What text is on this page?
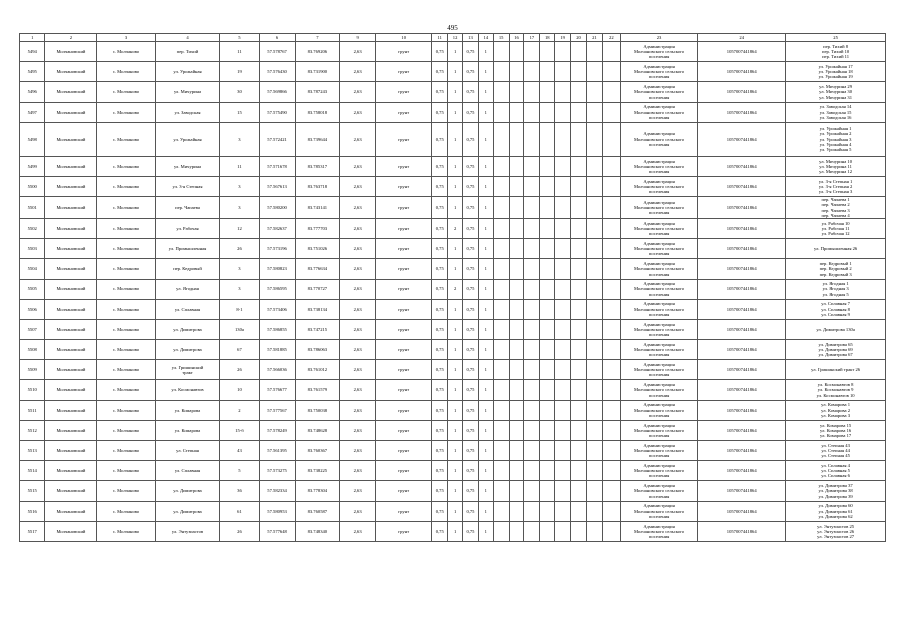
495
1	2	3	4	5	6	7	9	10	11	12	13	14	15	16	17	18	19	20	21	22	23	24	25
5494	Молчановский	с. Молчаново	пер. Тихий	11	57.578767	83.769206	2,63	грунт	0,75	1	0,75	1									Администрация
Молчановского сельского
поселения	1057007441864	пер. Тихий 8
пер. Тихий 10
пер. Тихий 11
5495	Молчановский	с. Молчаново	ул. Урожайная	19	57.576430	83.731900	2,63	грунт	0,75	1	0,75	1									Администрация
Молчановского сельского
поселения	1057007441864	ул. Урожайная 17
ул. Урожайная 18
ул. Урожайная 19
5496	Молчановский	с. Молчаново	ул. Мичурина	30	57.569866	83.787243	2,63	грунт	0,75	1	0,75	1									Администрация
Молчановского сельского
поселения	1057007441864	ул. Мичурина 29
ул. Мичурина 30
ул. Мичурина 31
5497	Молчановский	с. Молчаново	ул. Заводская	15	57.575490	83.758018	2,63	грунт	0,75	1	0,75	1									Администрация
Молчановского сельского
поселения	1057007441864	ул. Заводская 14
ул. Заводская 15
ул. Заводская 16
5498	Молчановский	с. Молчаново	ул. Урожайная	3	57.572421	83.739644	2,63	грунт	0,75	1	0,75	1									Администрация
Молчановского сельского
поселения	1057007441864	ул. Урожайная 1
ул. Урожайная 2
ул. Урожайная 3
ул. Урожайная 4
ул. Урожайная 5
5499	Молчановский	с. Молчаново	ул. Мичурина	11	57.571678	83.785317	2,63	грунт	0,75	1	0,75	1									Администрация
Молчановского сельского
поселения	1057007441864	ул. Мичурина 10
ул. Мичурина 11
ул. Мичурина 12
5500	Молчановский	с. Молчаново	ул. 3-я Степная	3	57.567613	83.763718	2,63	грунт	0,75	1	0,75	1									Администрация
Молчановского сельского
поселения	1057007441864	ул. 3-я Степная 1
ул. 3-я Степная 2
ул. 3-я Степная 3
5501	Молчановский	с. Молчаново	пер. Чапаева	3	57.580200	83.743141	2,63	грунт	0,75	1	0,75	1									Администрация
Молчановского сельского
поселения	1057007441864	пер. Чапаева 1
пер. Чапаева 2
пер. Чапаева 3
пер. Чапаева 4
5502	Молчановский	с. Молчаново	ул. Рабочая	12	57.582637	83.777703	2,63	грунт	0,75	2	0,75	1									Администрация
Молчановского сельского
поселения	1057007441864	ул. Рабочая 10
ул. Рабочая 11
ул. Рабочая 12
5503	Молчановский	с. Молчаново	ул. Промышленная	26	57.573196	83.751026	2,63	грунт	0,75	1	0,75	1									Администрация
Молчановского сельского
поселения	1057007441864	ул. Промышленная 26
5504	Молчановский	с. Молчаново	пер. Кедровый	3	57.580823	83.776634	2,63	грунт	0,75	1	0,75	1									Администрация
Молчановского сельского
поселения	1057007441864	пер. Кедровый 1
пер. Кедровый 2
пер. Кедровый 3
5505	Молчановский	с. Молчаново	ул. Ягодная	3	57.586595	83.770727	2,63	грунт	0,75	2	0,75	1									Администрация
Молчановского сельского
поселения	1057007441864	ул. Ягодная 1
ул. Ягодная 3
ул. Ягодная 5
5506	Молчановский	с. Молчаново	ул. Сплавная	8-1	57.573406	83.738134	2,63	грунт	0,75	1	0,75	1									Администрация
Молчановского сельского
поселения	1057007441864	ул. Сплавная 7
ул. Сплавная 8
ул. Сплавная 9
5507	Молчановский	с. Молчаново	ул. Димитрова	130а	57.586855	83.747215	2,63	грунт	0,75	1	0,75	1									Администрация
Молчановского сельского
поселения	1057007441864	ул. Димитрова 130а
5508	Молчановский	с. Молчаново	ул. Димитрова	67	57.581885	83.786063	2,63	грунт	0,75	1	0,75	1									Администрация
Молчановского сельского
поселения	1057007441864	ул. Димитрова 65
ул. Димитрова 69
ул. Димитрова 67
5509	Молчановский	с. Молчаново	ул. Гришинский
тракт	26	57.566036	83.761012	2,63	грунт	0,75	1	0,75	1									Администрация
Молчановского сельского
поселения	1057007441864	ул. Гришинский тракт 26
5510	Молчановский	с. Молчаново	ул. Космонавтов	10	57.576677	83.761579	2,63	грунт	0,75	1	0,75	1									Администрация
Молчановского сельского
поселения	1057007441864	ул. Космонавтов 8
ул. Космонавтов 9
ул. Космонавтов 10
5511	Молчановский	с. Молчаново	ул. Комарова	2	57.577567	83.750038	2,63	грунт	0,75	1	0,75	1									Администрация
Молчановского сельского
поселения	1057007441864	ул. Комарова 1
ул. Комарова 2
ул. Комарова 3
5512	Молчановский	с. Молчаново	ул. Комарова	15-б	57.578249	83.748628	2,63	грунт	0,75	1	0,75	1									Администрация
Молчановского сельского
поселения	1057007441864	ул. Комарова 15
ул. Комарова 16
ул. Комарова 17
5513	Молчановский	с. Молчаново	ул. Степная	43	57.561395	83.760367	2,63	грунт	0,75	1	0,75	1									Администрация
Молчановского сельского
поселения	1057007441864	ул. Степная 43
ул. Степная 44
ул. Степная 45
5514	Молчановский	с. Молчаново	ул. Сплавная	5	57.573275	83.738225	2,63	грунт	0,75	1	0,75	1									Администрация
Молчановского сельского
поселения	1057007441864	ул. Сплавная 4
ул. Сплавная 5
ул. Сплавная 6
5515	Молчановский	с. Молчаново	ул. Димитрова	36	57.582334	83.778304	2,63	грунт	0,75	1	0,75	1									Администрация
Молчановского сельского
поселения	1057007441864	ул. Димитрова 37
ул. Димитрова 38
ул. Димитрова 39
5516	Молчановский	с. Молчаново	ул. Димитрова	61	57.580953	83.760587	2,63	грунт	0,75	1	0,75	1									Администрация
Молчановского сельского
поселения	1057007441864	ул. Димитрова 60
ул. Димитрова 61
ул. Димитрова 62
5517	Молчановский	с. Молчаново	ул. Энтузиастов	26	57.577648	83.748340	2,63	грунт	0,75	1	0,75	1									Администрация
Молчановского сельского
поселения	1057007441864	ул. Энтузиастов 25
ул. Энтузиастов 26
ул. Энтузиастов 27
